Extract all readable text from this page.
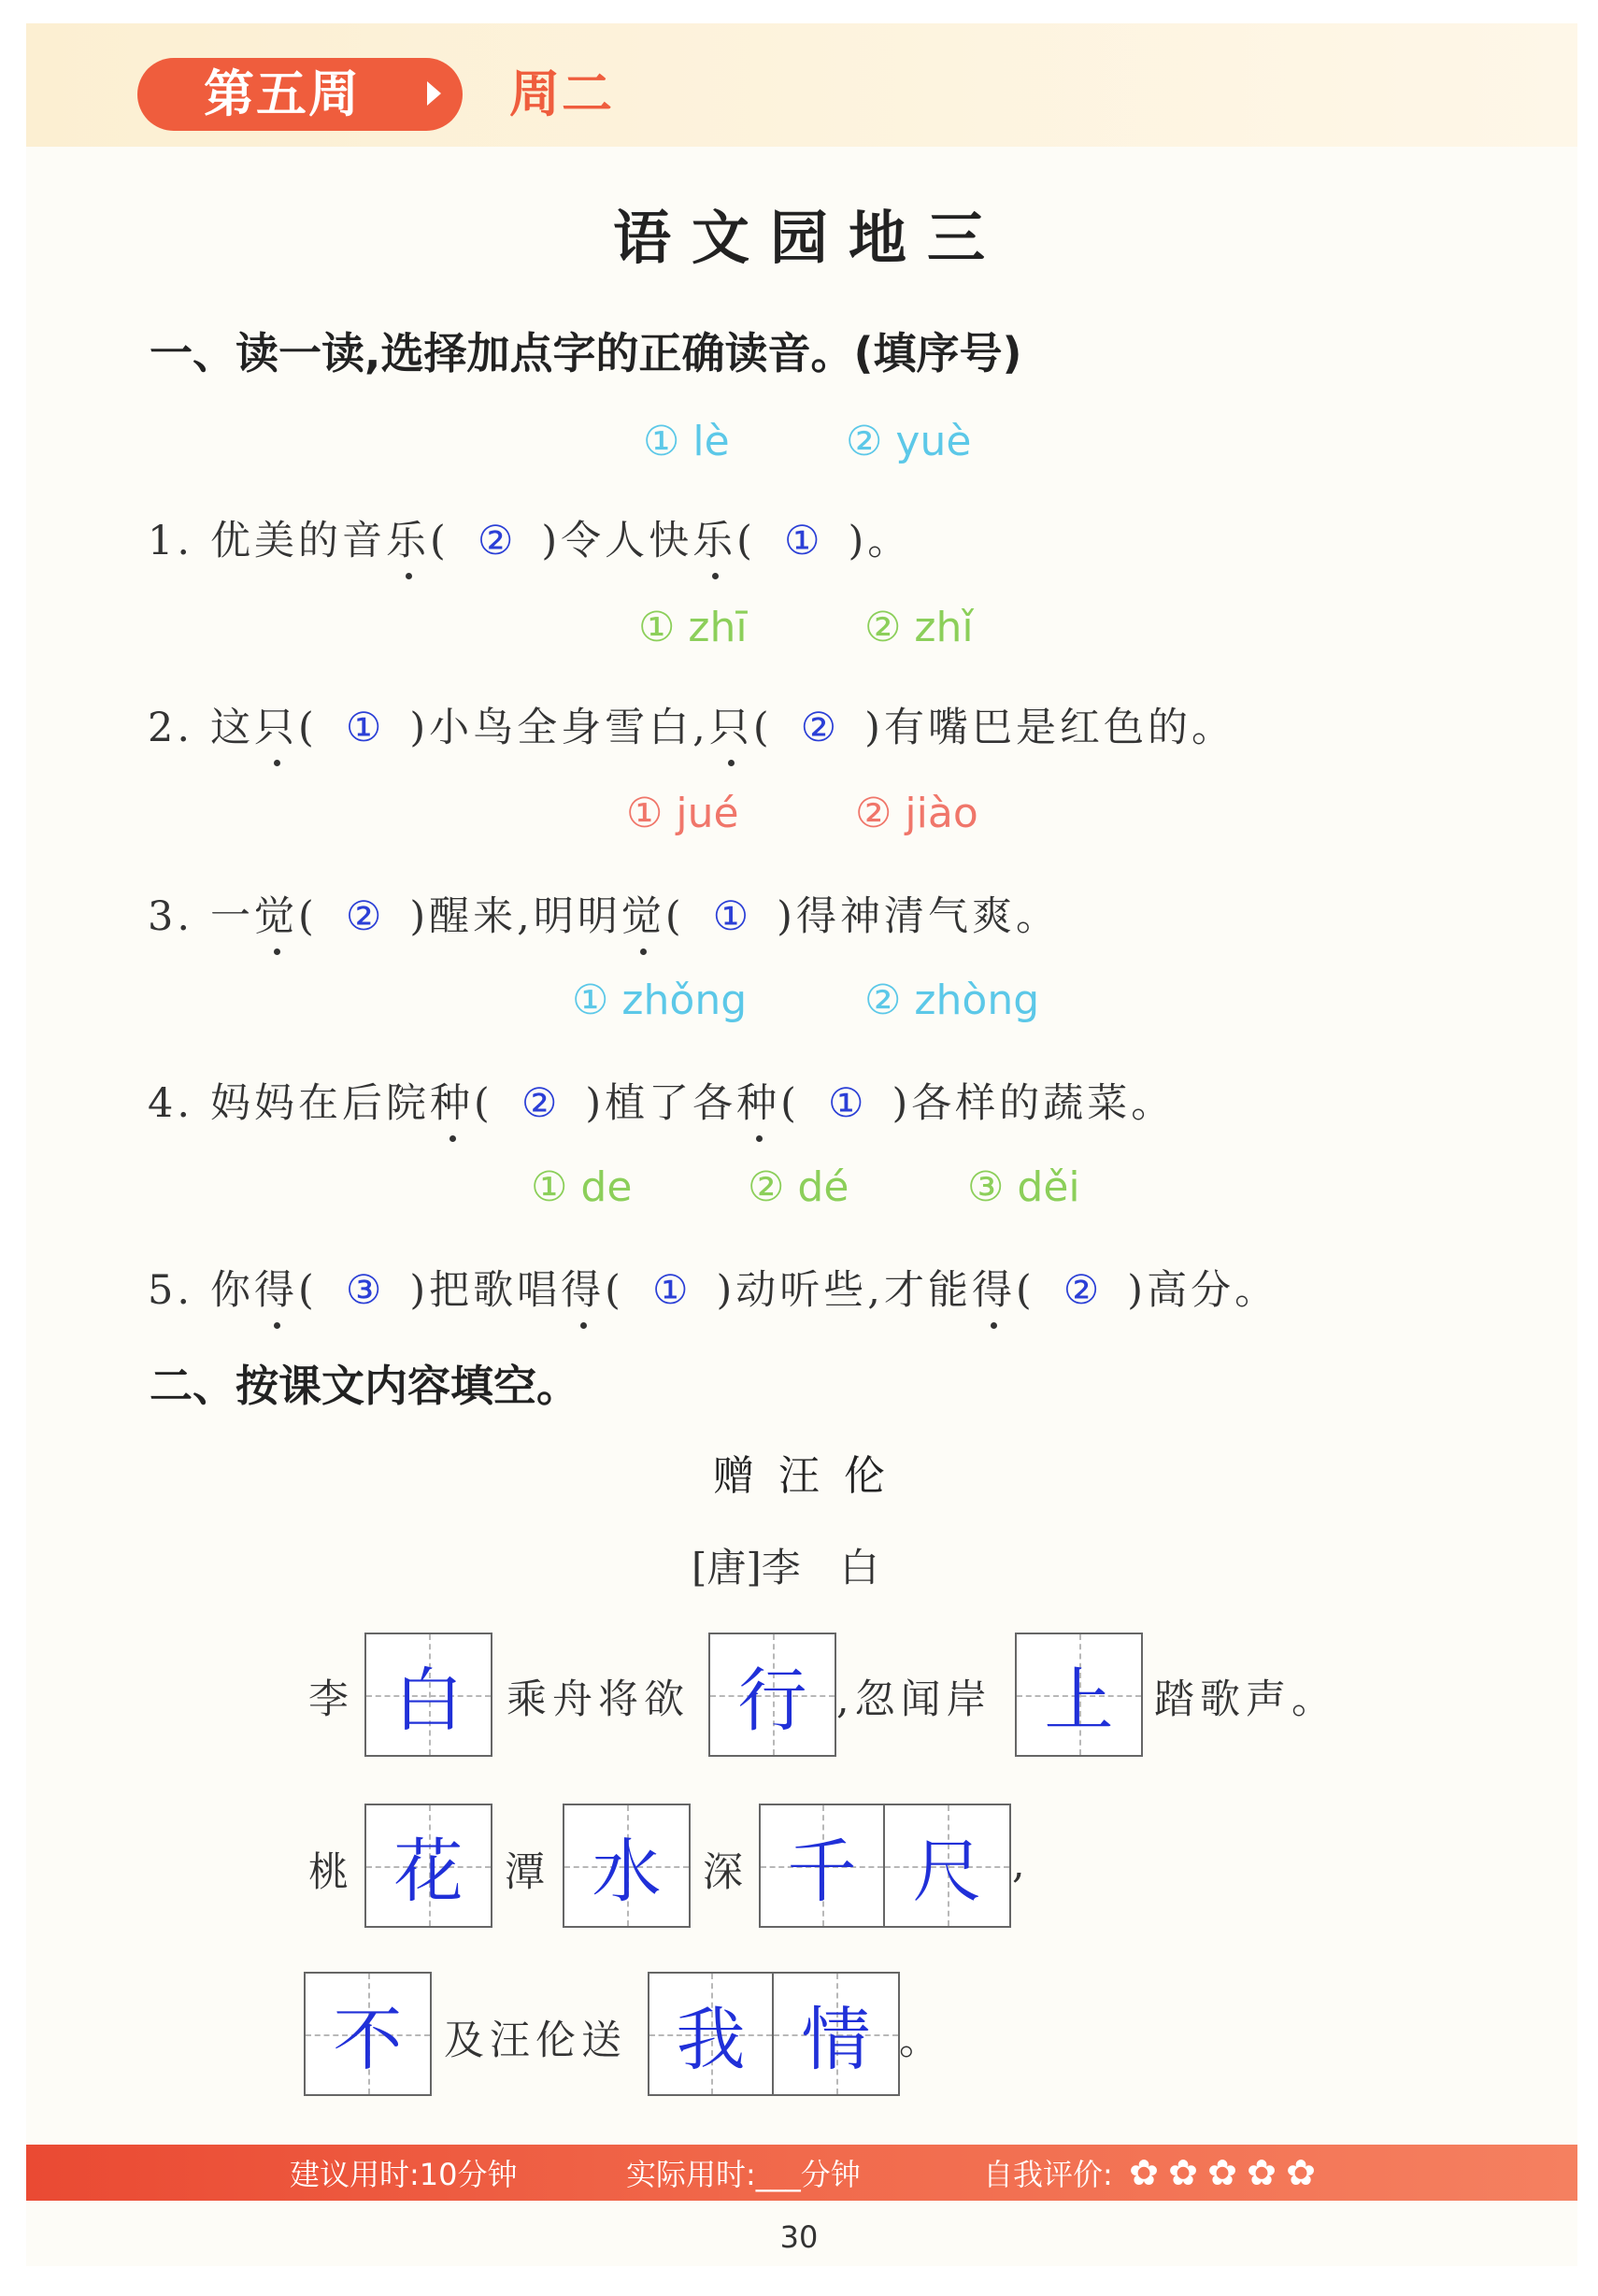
第五周	周二
语文园地三
一、读一读,选择加点字的正确读音。(填序号)
① lè	② yuè
1. 优美的音乐( ② )令人快乐( ① )。
① zhī	② zhǐ
2. 这只( ① )小鸟全身雪白,只( ② )有嘴巴是红色的。
① jué	② jiào
3. 一觉( ② )醒来,明明觉( ① )得神清气爽。
① zhǒng	② zhòng
4. 妈妈在后院种( ② )植了各种( ① )各样的蔬菜。
① de	② dé	③ děi
5. 你得( ③ )把歌唱得( ① )动听些,才能得( ② )高分。
二、按课文内容填空。
赠汪伦
[唐]李　白
李 白 乘舟将欲 行 ,忽闻岸 上 踏歌声。
桃 花 潭 水 深 千 尺 ,
不 及汪伦送 我 情 。
建议用时:10分钟	实际用时:___分钟	自我评价: ✿ ✿ ✿ ✿ ✿
30
